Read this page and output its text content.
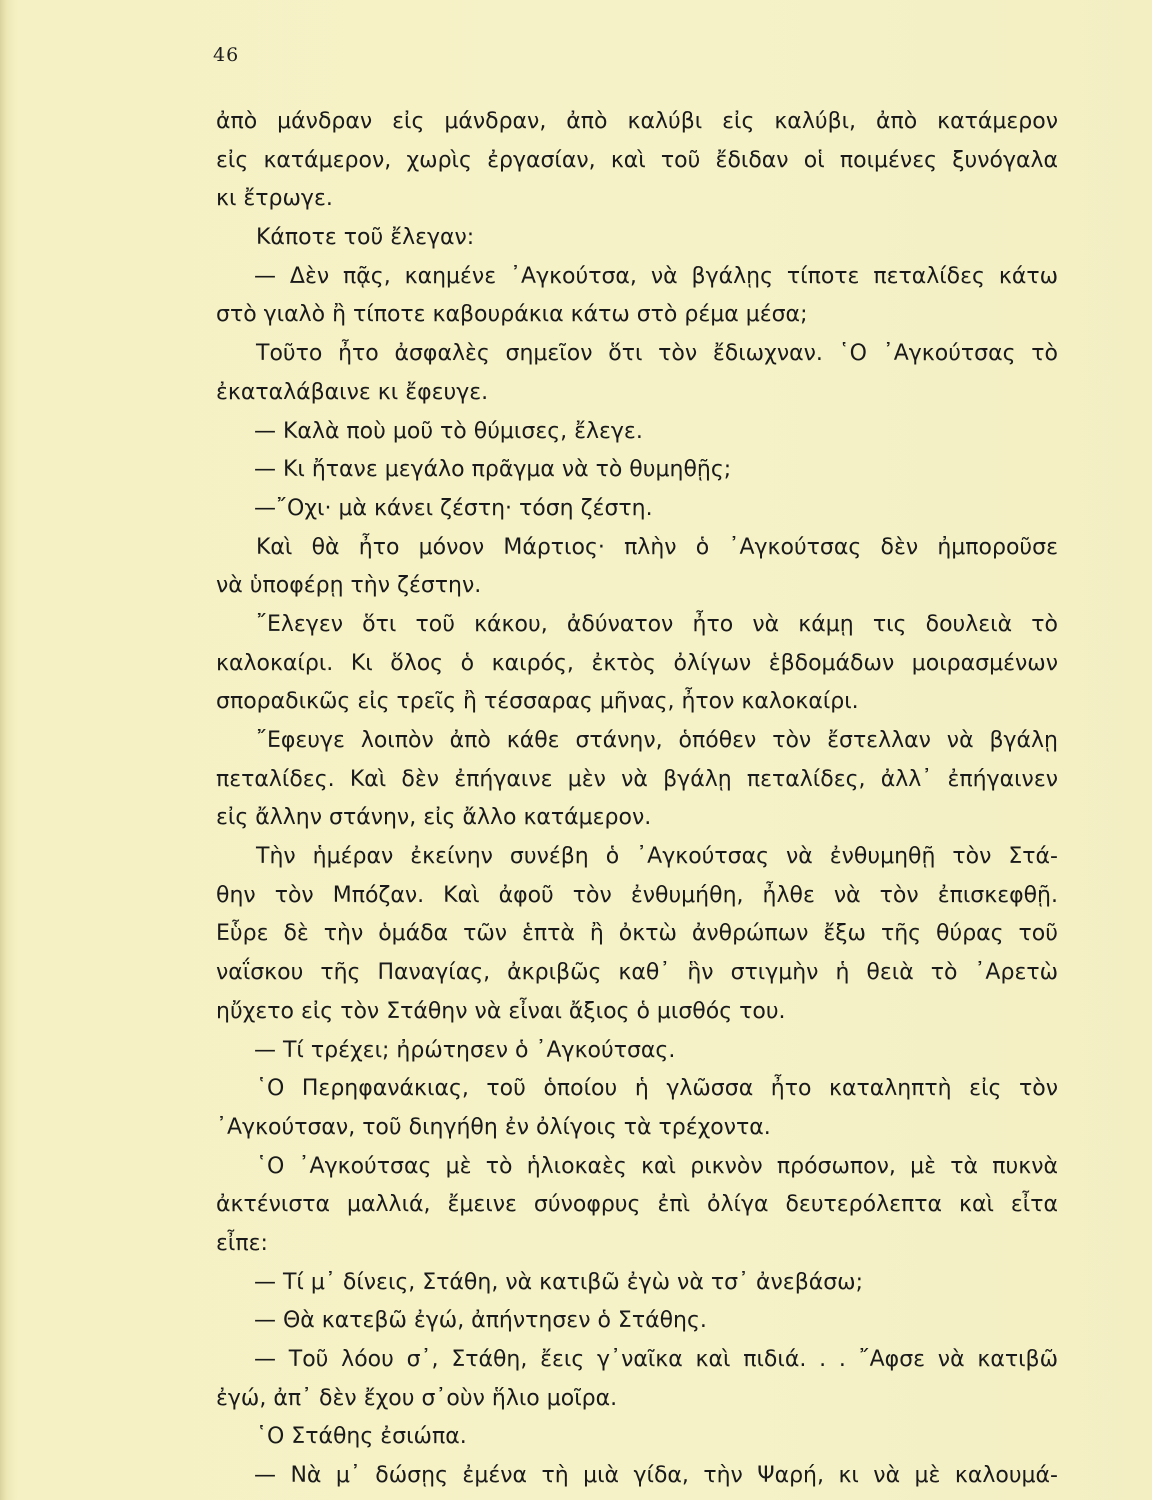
46
ἀπὸ μάνδραν εἰς μάνδραν, ἀπὸ καλύβι εἰς καλύβι, ἀπὸ κατάμερον
εἰς κατάμερον, χωρὶς ἐργασίαν, καὶ τοῦ ἔδιδαν οἱ ποιμένες ξυνόγαλα
κι ἔτρωγε.
Κάποτε τοῦ ἔλεγαν:
— Δὲν πᾷς, καημένε ᾿Αγκούτσα, νὰ βγάλῃς τίποτε πεταλίδες κάτω
στὸ γιαλὸ ἢ τίποτε καβουράκια κάτω στὸ ρέμα μέσα;
Τοῦτο ἦτο ἀσφαλὲς σημεῖον ὅτι τὸν ἔδιωχναν. ῾Ο ᾿Αγκούτσας τὸ
ἐκαταλάβαινε κι ἔφευγε.
— Καλὰ ποὺ μοῦ τὸ θύμισες, ἔλεγε.
— Κι ἤτανε μεγάλο πρᾶγμα νὰ τὸ θυμηθῇς;
—῎Οχι· μὰ κάνει ζέστη· τόση ζέστη.
Καὶ θὰ ἦτο μόνον Μάρτιος· πλὴν ὁ ᾿Αγκούτσας δὲν ἠμποροῦσε
νὰ ὑποφέρῃ τὴν ζέστην.
῎Ελεγεν ὅτι τοῦ κάκου, ἀδύνατον ἦτο νὰ κάμῃ τις δουλειὰ τὸ
καλοκαίρι. Κι ὅλος ὁ καιρός, ἐκτὸς ὀλίγων ἑβδομάδων μοιρασμένων
σποραδικῶς εἰς τρεῖς ἢ τέσσαρας μῆνας, ἦτον καλοκαίρι.
῎Εφευγε λοιπὸν ἀπὸ κάθε στάνην, ὁπόθεν τὸν ἔστελλαν νὰ βγάλῃ
πεταλίδες. Καὶ δὲν ἐπήγαινε μὲν νὰ βγάλῃ πεταλίδες, ἀλλ᾿ ἐπήγαινεν
εἰς ἄλλην στάνην, εἰς ἄλλο κατάμερον.
Τὴν ἡμέραν ἐκείνην συνέβη ὁ ᾿Αγκούτσας νὰ ἐνθυμηθῇ τὸν Στά-
θην τὸν Μπόζαν. Καὶ ἀφοῦ τὸν ἐνθυμήθη, ἦλθε νὰ τὸν ἐπισκεφθῇ.
Εὗρε δὲ τὴν ὁμάδα τῶν ἑπτὰ ἢ ὀκτὼ ἀνθρώπων ἔξω τῆς θύρας τοῦ
ναΐσκου τῆς Παναγίας, ἀκριβῶς καθ᾿ ἣν στιγμὴν ἡ θειὰ τὸ ᾿Αρετὼ
ηὔχετο εἰς τὸν Στάθην νὰ εἶναι ἄξιος ὁ μισθός του.
— Τί τρέχει; ἠρώτησεν ὁ ᾿Αγκούτσας.
῾Ο Περηφανάκιας, τοῦ ὁποίου ἡ γλῶσσα ἦτο καταληπτὴ εἰς τὸν
᾿Αγκούτσαν, τοῦ διηγήθη ἐν ὀλίγοις τὰ τρέχοντα.
῾Ο ᾿Αγκούτσας μὲ τὸ ἡλιοκαὲς καὶ ρικνὸν πρόσωπον, μὲ τὰ πυκνὰ
ἀκτένιστα μαλλιά, ἔμεινε σύνοφρυς ἐπὶ ὀλίγα δευτερόλεπτα καὶ εἶτα
εἶπε:
— Τί μ᾿ δίνεις, Στάθη, νὰ κατιβῶ ἐγὼ νὰ τσ᾿ ἀνεβάσω;
— Θὰ κατεβῶ ἐγώ, ἀπήντησεν ὁ Στάθης.
— Τοῦ λόου σ᾿, Στάθη, ἔεις γ᾿ναῖκα καὶ πιδιά. . . ῎Αφσε νὰ κατιβῶ
ἐγώ, ἀπ᾿ δὲν ἔχου σ᾿οὺν ἥλιο μοῖρα.
῾Ο Στάθης ἐσιώπα.
— Νὰ μ᾿ δώσῃς ἐμένα τὴ μιὰ γίδα, τὴν Ψαρή, κι νὰ μὲ καλουμά-
